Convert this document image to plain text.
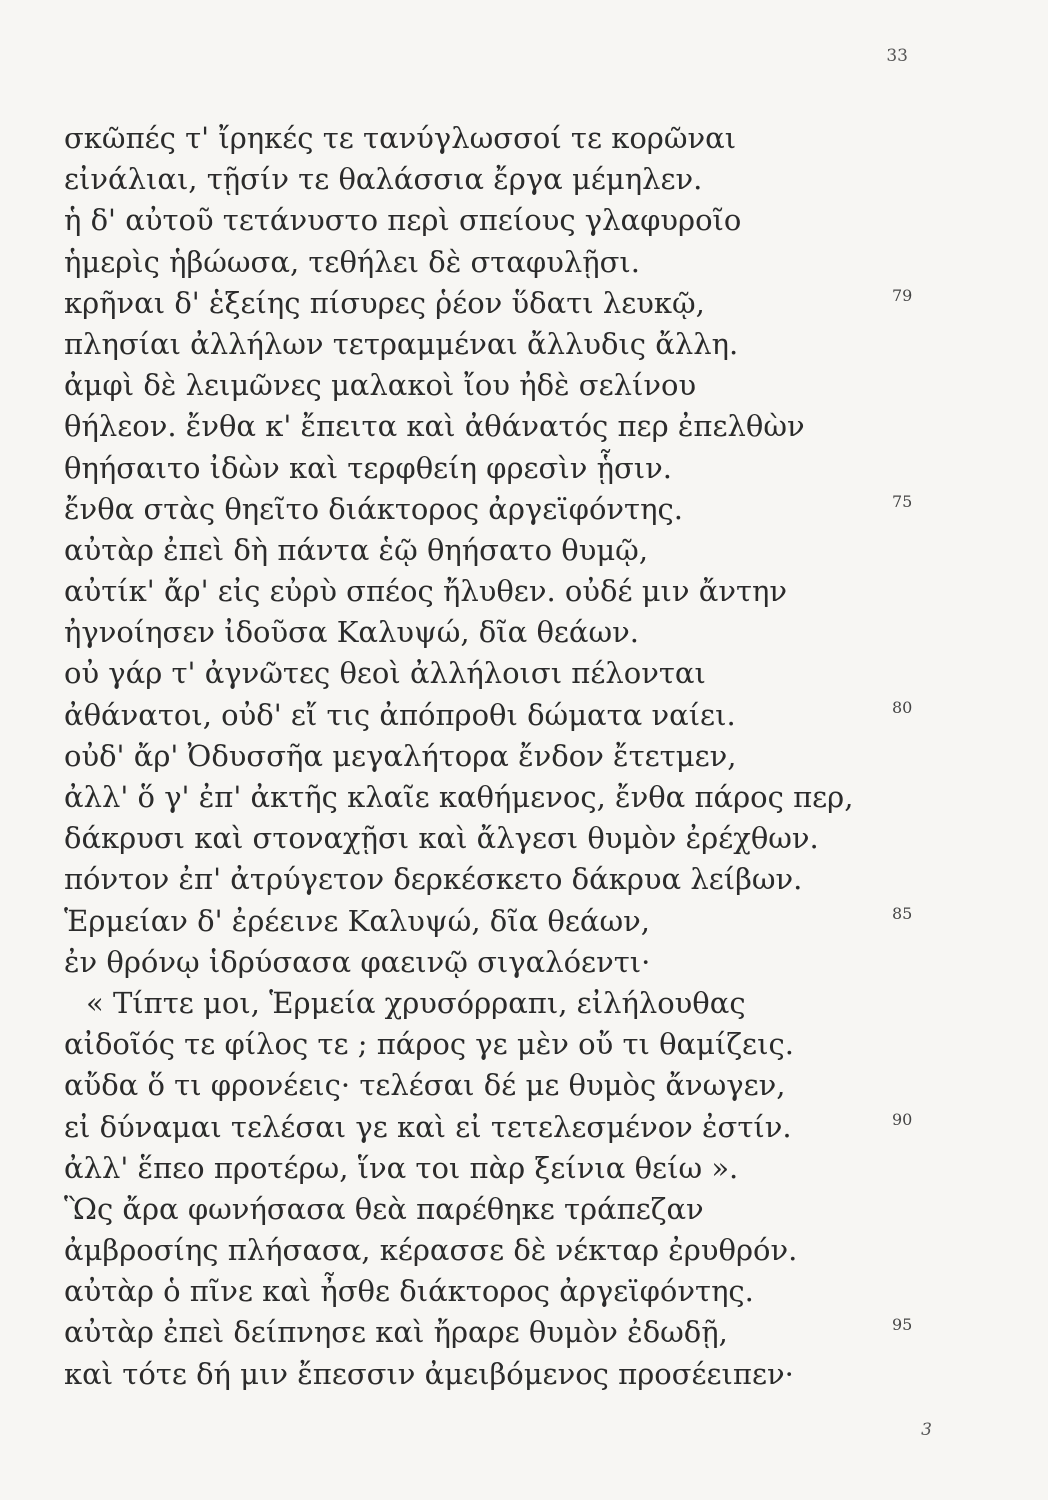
33
σκῶπές τ' ἴρηκές τε τανύγλωσσοί τε κορῶναι
εἰνάλιαι, τῇσίν τε θαλάσσια ἔργα μέμηλεν.
ἡ δ' αὐτοῦ τετάνυστο περὶ σπείους γλαφυροῖο
ἡμερὶς ἡβώωσα, τεθήλει δὲ σταφυλῇσι.
κρῆναι δ' ἑξείης πίσυρες ῥέον ὕδατι λευκῷ,	79
πλησίαι ἀλλήλων τετραμμέναι ἄλλυδις ἄλλη.
ἀμφὶ δὲ λειμῶνες μαλακοὶ ἴου ἠδὲ σελίνου
θήλεον. ἔνθα κ' ἔπειτα καὶ ἀθάνατός περ ἐπελθὼν
θηήσαιτο ἰδὼν καὶ τερφθείη φρεσὶν ᾗσιν.
ἔνθα στὰς θηεῖτο διάκτορος ἀργεϊφόντης.	75
αὐτὰρ ἐπεὶ δὴ πάντα ἑῷ θηήσατο θυμῷ,
αὐτίκ' ἄρ' εἰς εὐρὺ σπέος ἤλυθεν. οὐδέ μιν ἄντην
ἠγνοίησεν ἰδοῦσα Καλυψώ, δῖα θεάων.
οὐ γάρ τ' ἀγνῶτες θεοὶ ἀλλήλοισι πέλονται
ἀθάνατοι, οὐδ' εἴ τις ἀπόπροθι δώματα ναίει.	80
οὐδ' ἄρ' Ὀδυσσῆα μεγαλήτορα ἔνδον ἔτετμεν,
ἀλλ' ὅ γ' ἐπ' ἀκτῆς κλαῖε καθήμενος, ἔνθα πάρος περ,
δάκρυσι καὶ στοναχῇσι καὶ ἄλγεσι θυμὸν ἐρέχθων.
πόντον ἐπ' ἀτρύγετον δερκέσκετο δάκρυα λείβων.
Ἑρμείαν δ' ἐρέεινε Καλυψώ, δῖα θεάων,	85
ἐν θρόνῳ ἱδρύσασα φαεινῷ σιγαλόεντι·
« Τίπτε μοι, Ἑρμεία χρυσόρραπι, εἰλήλουθας
αἰδοῖός τε φίλος τε ; πάρος γε μὲν οὔ τι θαμίζεις.
αὔδα ὅ τι φρονέεις· τελέσαι δέ με θυμὸς ἄνωγεν,
εἰ δύναμαι τελέσαι γε καὶ εἰ τετελεσμένον ἐστίν.	90
ἀλλ' ἕπεο προτέρω, ἵνα τοι πὰρ ξείνια θείω ».
Ὣς ἄρα φωνήσασα θεὰ παρέθηκε τράπεζαν
ἀμβροσίης πλήσασα, κέρασσε δὲ νέκταρ ἐρυθρόν.
αὐτὰρ ὁ πῖνε καὶ ἦσθε διάκτορος ἀργεϊφόντης.
αὐτὰρ ἐπεὶ δείπνησε καὶ ἤραρε θυμὸν ἐδωδῇ,	95
καὶ τότε δή μιν ἔπεσσιν ἀμειβόμενος προσέειπεν·
3
